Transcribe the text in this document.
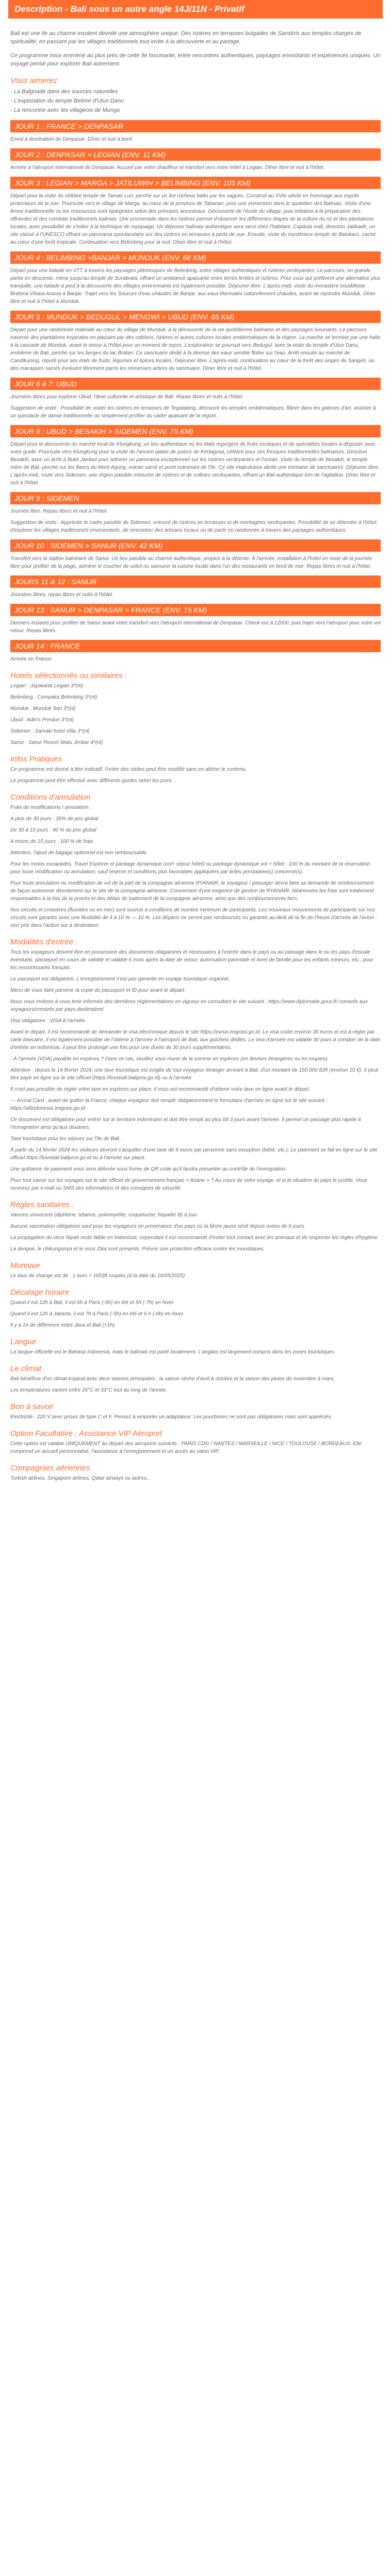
Description - Bali sous un autre angle 14J/11N - Privatif

Bali est une île au charme insolent dévoilé une atmosphère unique. Des rizières en terrasses bulgades de Sanskris aux temples chargés de spiritualité, en passant par les villages traditionnels tout invite à la découverte et au partage.

Ce programme vous emmène au plus près de cette île fascinante, entre rencontres authentiques, paysages envoûtants et expériences uniques. Un voyage pensé pour explorer Bali autrement.

Vous aimerez
- La Balgnade dans des sources naturelles
- L'exploration du temple Belimé d'Ulun Danu
- La rencontre avec les villageois de Munga
JOUR 1 : FRANCE > DENPASAR

Envol à destination de Denpasar. Dîner et nuit à bord.

JOUR 2 : DENPASAR > LEGIAN (ENV. 11 KM)

Arrivée à l'aéroport international de Denpasar. Accueil par votre chauffeur et transfert vers votre hôtel à Legian. Dîner libre et nuit à l'hôtel.

JOUR 3 : LEGIAN > MARGA > JATILUWIH > BELIMBING (ENV. 105 KM)

Départ pour la visite du célèbre temple de Taman Luri, perché sur un îlot rocheux battu par les vagues. Construit au XVIe siècle en hommage aux esprits protecteurs de la mer. Poursuite vers le village de Marga, au cœur de la province de Tabanan, pour une immersion dans le quotidien des Balinais. Visite d'une ferme traditionnelle où les ressources sont épargnées selon des principes ancestraux. Découverte de l'école du village, puis initiation à la préparation des offrandes et des combats traditionnels balinais. Une promenade dans les rizières permet d'observer les différentes étapes de la culture du riz et des plantations locales, avec possibilité de s'initier à la technique de repiquage. Un déjeuner balinais authentique sera servi chez l'habitant. Capitula midi, direction Jatiluwih, un site classé à l'UNESCO offrant un panorama spectaculaire sur des rizières en terrasses à perte de vue. Ensuite, visite du mystérieux temple de Batukaru, caché au cœur d'une forêt tropicale. Continuation vers Belimbing pour la nuit. Dîner libre et nuit à l'hôtel.

JOUR 4 : BELIMBING >BANJAR > MUNDUK (ENV. 68 KM)

Départ pour une balade en VTT à travers les paysages pittoresques de Belimbing, entre villages authentiques et rizières verdoyantes. Le parcours, en grande partie en descente, mène jusqu'au temple de Surabrata, offrant un ambiance apaisante entre terres fertiles et rizières. Pour ceux qui préfèrent une alternative plus tranquille, une balade à pied à la découverte des villages environnants est également possible. Déjeuner libre. L'après-midi, visite du monastère bouddhiste Brahma Vihara Arama à Banjar. Trajet vers les Sources d'eau chaudes de Banjar, aux eaux thermales naturellement chaudes, avant de rejoindre Munduk. Dîner libre et nuit à l'hôtel à Munduk.

JOUR 5 : MUNDUK > BEDUGUL > MENGWI > UBUD (ENV. 65 KM)

Départ pour une randonnée matinale au cœur du village de Munduk, à la découverte de la vie quotidienne balinaise et des paysages luxuriants. Le parcours traverse des plantations tropicales en passant par des caféiers, rizières et autres cultures locales emblématiques de la région. La marche se termine par une halte à la cascade de Munduk, avant le retour à l'hôtel pour un moment de repos. L'exploration se poursuit vers Bedugul, avec la visite du temple d'Ulun Danu, emblème de Bali, perché sur les berges du lac Bratan. Ce sanctuaire dédié à la déesse des eaux semble flotter sur l'eau. Arrêt ensuite au marché de Candikuning, réputé pour ses étals de fruits, légumes et épices locales. Déjeuner libre. L'après-midi, continuation au cœur de la forêt des singes de Sangeh, où des macaques sacrés évoluent librement parmi les immenses arbres du sanctuaire. Dîner libre et nuit à l'hôtel.

JOUR 6 à 7: UBUD

Journées libres pour explorer Ubud, l'âme culturelle et artistique de Bali. Repas libres et nuits à l'hôtel.

Suggestion de visite : Possibilité de visiter les rizières en terrasses de Tegalalang, découvrir les temples emblématiques, flâner dans les galeries d'art, assister à un spectacle de danse traditionnelle ou simplement profiter du cadre apaisant de la région.

JOUR 8 : UBUD > BESAKIH > SIDEMEN (ENV. 75 KM)

Départ pour la découverte du marché local de Klungkung, un lieu authentique où les étals regorgent de fruits exotiques et de spécialités locales à déguster avec votre guide. Poursuite vers Klungkung pour la visite de l'ancien palais de justice de Kertagosa, célèbre pour ses fresques traditionnelles balinaises. Direction Besakih, avec un arrêt à Bukit Jambul pour admirer un panorama exceptionnel sur les rizières verdoyantes et l'océan. Visite du temple de Besakih, le temple mère de Bali, perché sur les flancs du Mont Agung, volcan sacré et point culminant de l'île. Ce site majestueux abrite une trentaine de sanctuaires. Déjeuner libre. L'après-midi, route vers Sidemen, une région paisible entourée de rizières et de collines verdoyantes, offrant un Bali authentique loin de l'agitation. Dîner libre et nuit à l'hôtel.

JOUR 9 : SIDEMEN

Journée libre. Repas libres et nuit à l'hôtel.

Suggestion de visite : Apprécier le cadre paisible de Sidemen, entouré de rizières en terrasses et de montagnes verdoyantes. Possibilité de se détendre à l'hôtel, d'explorer les villages traditionnels environnants, de rencontrer des artisans locaux ou de partir en randonnée à travers des paysages authentiques.

JOUR 10 : SIDEMEN > SANUR (ENV. 42 KM)

Transfert vers la station balnéaire de Sanur. Un lieu paisible au charme authentique, propice à la détente. À l'arrivée, installation à l'hôtel en reste de la journée libre pour profiter de la plage, admirer le coucher de soleil ou savourer la cuisine locale dans l'un des restaurants en bord de mer. Repas libres et nuit à l'hôtel.

JOURS 11 & 12 : SANUR

Journées libres, repas libres et nuits à l'hôtel.

JOUR 13 : SANUR > DENPASAR > FRANCE (ENV. 15 KM)

Derniers instants pour profiter de Sanur avant votre transfert vers l'aéroport international de Denpasar. Check-out à 12h00, puis trajet vers l'aéroport pour votre vol retour. Repas libres.

JOUR 14 : FRANCE

Arrivée en France.

Hotels sélectionnés ou similaires :

Legian : Jayakarta Legian 3*(nl)

Belimbing : Cempaka Belimbing 3*(nl)

Munduk : Munduk Sari 3*(nl)

Ubud : Adiri's Preston 3*(nl)

Sidemen : Samaki hotel Villa 3*(nl)

Sanur : Sanur Resort Watu Jimbar 4*(nl)

Infos Pratiques

Ce programme est donné à titre indicatif. l'ordre des visites peut être modifié sans en altérer le contenu.

Le programme peut être effectué avec différents guides selon les jours.

Conditions d'annulation

Frais de modifications / annulation :

A plus de 30 jours : 35% de prix global

De 30 à 15 jours : 40 % du prix global

A moins de 15 jours : 100 % de frais

Attention, l'ajout de bagage optionnel est non remboursable.

Pour les motos escapades, Travel Explorer et package dynamique (vol+ séjour hôtel) ou package dynamique vol + hôtel : 100 % du montant de la réservation pour toute modification ou annulation, sauf réserve et conditions plus favorables appliquées par le/les prestataire(s) concerné(s).

Pour toute annulation ou modification de vol de la part de la compagnie aérienne RYANAIR, le voyageur / passager devra faire sa demande de remboursement de façon autonome directement sur le site de la compagnie aérienne. Concernant d'une exigence de gestion de RYANAIR. Néanmoins les frais sont totalement responsables à la fois de la procès et des délais de traitement de la compagnie aérienne, ainsi que des remboursements tiers.

Nos circuits et croisières (fluviales ou en mer) sont soumis à conditions de nombre minimum de participants. Les nouveaux mouvements de participants sur nos circuits sont garantis avec une flexibilité de 4 à 10 % — 10 %. Les départs ne seront pas remboursés ou garantis au-delà de la fin de l'heure d'arrivée de l'avion : ceci pris dans l'action sur à destination.

Modalités d'entrée :

Tous les voyageurs doivent être en possession des documents obligatoires et nécessaires à l'entrée dans le pays ou au passage dans le ou les pays d'escale éventuels, passeport en cours de validité et valable 6 mois après la date de retour, autorisation parentale et livret de famille pour les enfants mineurs, etc., pour les ressortissants français.

Le passeport est obligatoire. L'enregistrement n'est pas garantie en voyage touristique organisé.

Merci de vous faire parvenir la copie du passeport et ID pour avant le départ.

Nous vous invitons à vous tenir informés des dernières réglementations en vigueur en consultant le site suivant : https://www.diplomatie.gouv.fr/ conseils aux voyageurs/conseils par pays-destination/

Visa obligatoire : VISA à l'arrivée

Avant le départ, il est recommandé de demander le visa électronique depuis le site https://evisa.imigrasi.go.id. Le visa coûte environ 35 euros et est à régler par carte bancaire. Il est également possible de l'obtenir à l'arrivée à l'aéroport de Bali, aux guichets dédiés. Le visa d'arrivée est valable 30 jours à compter de la date d'entrée en Indonésie, il peut être prolongé une fois pour une durée de 30 jours supplémentaires.

- À l'arrivée (VOA) payable en espèces ? Dans ce cas, veuillez vous munir de la somme en espèces (en devises étrangères ou en roupies).

Attention : depuis le 14 février 2024, une taxe touristique est exigée de tout voyageur étranger arrivant à Bali, d'un montant de 150 000 IDR (environ 10 €). Il peut être payé en ligne sur le site officiel (https://lovebali.baliprov.go.id) ou à l'arrivée.

Il n'est pas possible de régler votre taxe en espèces sur place, il vous est recommandé d'obtenir votre taxe en ligne avant le départ.

--- Arrival Card : avant de quitter la France, chaque voyageur doit remplir obligatoirement le formulaire d'arrivée en ligne sur le site suivant : https://allindonesia.imigrasi.go.id

Ce document est obligatoire pour entrer sur le territoire indonésien et doit être rempli au plus tôt 3 jours avant l'arrivée. Il permet un passage plus rapide à l'immigration ainsi qu'aux douanes.

Taxe touristique pour les séjours sur l'île de Bali :

À partir du 14 février 2024 les visiteurs devront s'acquitter d'une taxe de 9 euros par personne sans exception (bébé, etc.). Le paiement se fait en ligne sur le site officiel https://lovebali.baliprov.go.id ou à l'arrivée sur place.

Une quittance de paiement vous sera délivrée sous forme de QR code qu'il faudra présenter au contrôle de l'immigration.

Pour tout savoir sur les voyages sur le site officiel de gouvernement français > Ariane > ? Au cours de votre voyage, et si la situation du pays le justifie. Vous recevrez par e-mail ou SMS des informations et des consignes de sécurité.

Règles sanitaires :

Vaccins universels (diphtérie, tétanos, poliomyélite, coqueluche, hépatite B) à jour.

Aucune vaccination obligatoire sauf pour les voyageurs en provenance d'un pays où la fièvre jaune sévit depuis moins de 6 jours.

La propagation du virus Nipah reste faible en Indonésie, cependant il est recommandé d'éviter tout contact avec les animaux et de respecter les règles d'hygiène.

La dengue, le chikungunya et le virus Zika sont présents. Prévoir une protection efficace contre les moustiques.

Monnaie

Le taux de change est de : 1 euro = 16538 roupies (à la date du 16/05/2025)

Décalage horaire

Quand il est 12h à Bali, il est 6h à Paris (-6h) en été et 5h (-7h) en hiver.

Quand il est 12h à Jakarta, il est 7h à Paris (-5h) en été et 6 h (-6h) en hiver.

Il y a 1h de différence entre Java et Bali (+1h).

Langue

La langue officielle est le Bahasa Indonesia, mais le balinais est parlé localement. L'anglais est largement compris dans les zones touristiques.

Le climat

Bali bénéficie d'un climat tropical avec deux saisons principales : la saison sèche d'avril à octobre et la saison des pluies de novembre à mars.

Les températures varient entre 26°C et 33°C tout au long de l'année.

Bon à savoir

Électricité : 220 V avec prises de type C et F. Pensez à emporter un adaptateur. Les pourboires ne sont pas obligatoires mais sont appréciés.

Option Facultative : Assistance VIP Aéroport

Cette option est valable UNIQUEMENT au départ des aéroports suivants : PARIS CDG / NANTES / MARSEILLE / NICE / TOULOUSE / BORDEAUX. Elle comprend un accueil personnalisé, l'assistance à l'enregistrement et un accès au salon VIP.

Compagnies aériennes

Turkish airlines, Singapore airlines, Qatar airways ou autres...
